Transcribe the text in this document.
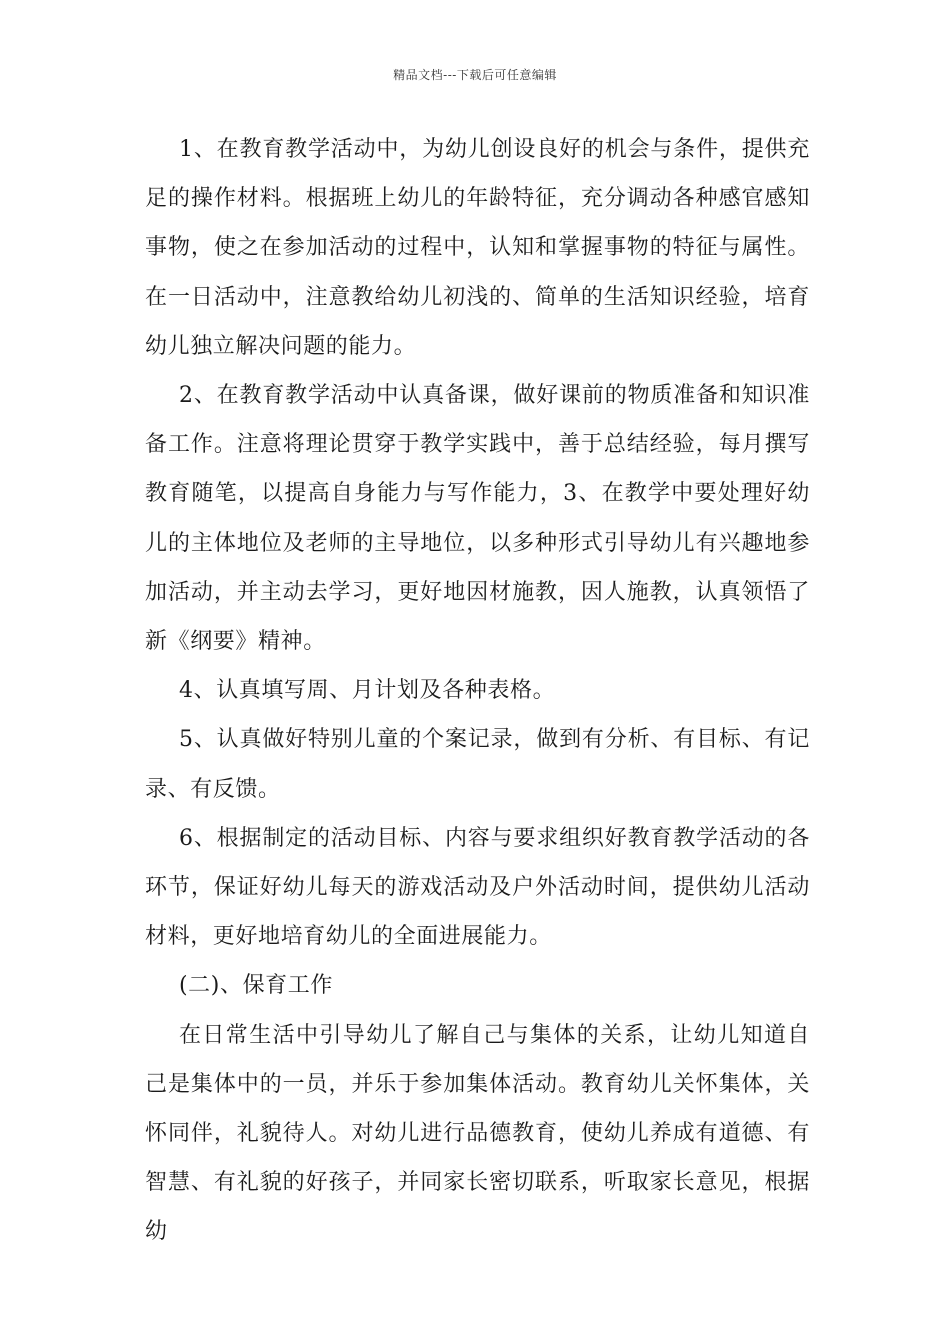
精品文档---下载后可任意编辑

1、在教育教学活动中，为幼儿创设良好的机会与条件，提供充足的操作材料。根据班上幼儿的年龄特征，充分调动各种感官感知事物，使之在参加活动的过程中，认知和掌握事物的特征与属性。在一日活动中，注意教给幼儿初浅的、简单的生活知识经验，培育幼儿独立解决问题的能力。

2、在教育教学活动中认真备课，做好课前的物质准备和知识准备工作。注意将理论贯穿于教学实践中，善于总结经验，每月撰写教育随笔，以提高自身能力与写作能力，3、在教学中要处理好幼儿的主体地位及老师的主导地位，以多种形式引导幼儿有兴趣地参加活动，并主动去学习，更好地因材施教，因人施教，认真领悟了新《纲要》精神。

4、认真填写周、月计划及各种表格。

5、认真做好特别儿童的个案记录，做到有分析、有目标、有记录、有反馈。

6、根据制定的活动目标、内容与要求组织好教育教学活动的各环节，保证好幼儿每天的游戏活动及户外活动时间，提供幼儿活动材料，更好地培育幼儿的全面进展能力。

(二)、保育工作

在日常生活中引导幼儿了解自己与集体的关系，让幼儿知道自己是集体中的一员，并乐于参加集体活动。教育幼儿关怀集体，关怀同伴，礼貌待人。对幼儿进行品德教育，使幼儿养成有道德、有智慧、有礼貌的好孩子，并同家长密切联系，听取家长意见，根据幼
